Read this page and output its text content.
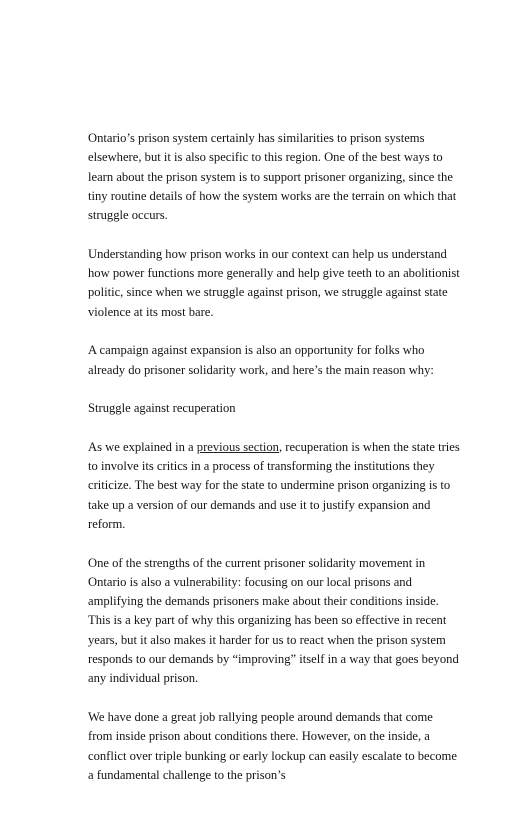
Ontario’s prison system certainly has similarities to prison systems elsewhere, but it is also specific to this region. One of the best ways to learn about the prison system is to support prisoner organizing, since the tiny routine details of how the system works are the terrain on which that struggle occurs.

Understanding how prison works in our context can help us understand how power functions more generally and help give teeth to an abolitionist politic, since when we struggle against prison, we struggle against state violence at its most bare.

A campaign against expansion is also an opportunity for folks who already do prisoner solidarity work, and here’s the main reason why:

Struggle against recuperation

As we explained in a previous section, recuperation is when the state tries to involve its critics in a process of transforming the institutions they criticize. The best way for the state to undermine prison organizing is to take up a version of our demands and use it to justify expansion and reform.

One of the strengths of the current prisoner solidarity movement in Ontario is also a vulnerability: focusing on our local prisons and amplifying the demands prisoners make about their conditions inside. This is a key part of why this organizing has been so effective in recent years, but it also makes it harder for us to react when the prison system responds to our demands by “improving” itself in a way that goes beyond any individual prison.

We have done a great job rallying people around demands that come from inside prison about conditions there. However, on the inside, a conflict over triple bunking or early lockup can easily escalate to become a fundamental challenge to the prison’s
